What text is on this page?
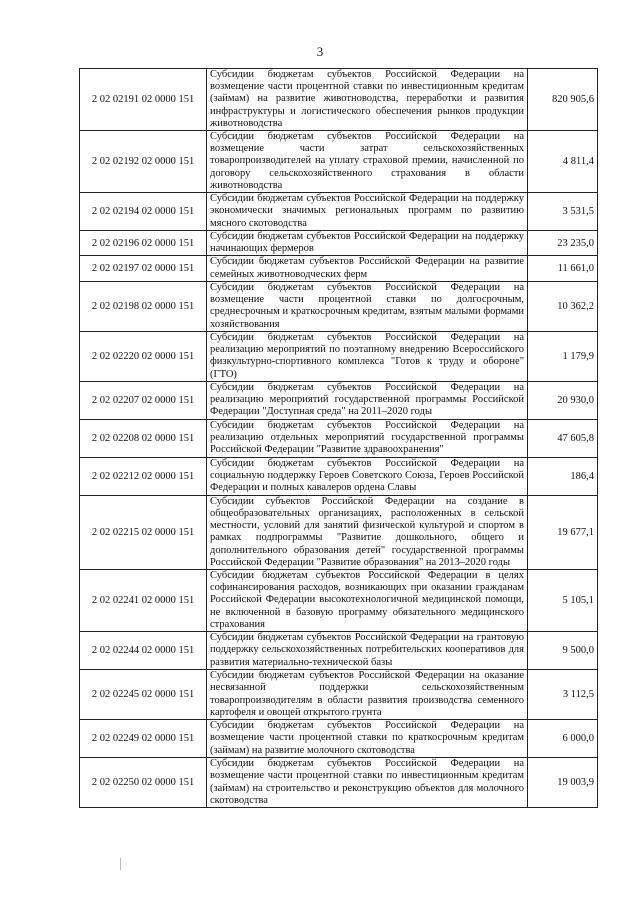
3
2 02 02191 02 0000 151	Субсидии бюджетам субъектов Российской Федерации на возмещение части процентной ставки по инвестиционным кредитам (займам) на развитие животноводства, переработки и развития инфраструктуры и логистического обеспечения рынков продукции животноводства	820 905,6
2 02 02192 02 0000 151	Субсидии бюджетам субъектов Российской Федерации на возмещение части затрат сельскохозяйственных товаропроизводителей на уплату страховой премии, начисленной по договору сельскохозяйственного страхования в области животноводства	4 811,4
2 02 02194 02 0000 151	Субсидии бюджетам субъектов Российской Федерации на поддержку экономически значимых региональных программ по развитию мясного скотоводства	3 531,5
2 02 02196 02 0000 151	Субсидии бюджетам субъектов Российской Федерации на поддержку начинающих фермеров	23 235,0
2 02 02197 02 0000 151	Субсидии бюджетам субъектов Российской Федерации на развитие семейных животноводческих ферм	11 661,0
2 02 02198 02 0000 151	Субсидии бюджетам субъектов Российской Федерации на возмещение части процентной ставки по долгосрочным, среднесрочным и краткосрочным кредитам, взятым малыми формами хозяйствования	10 362,2
2 02 02220 02 0000 151	Субсидии бюджетам субъектов Российской Федерации на реализацию мероприятий по поэтапному внедрению Всероссийского физкультурно-спортивного комплекса "Готов к труду и обороне" (ГТО)	1 179,9
2 02 02207 02 0000 151	Субсидии бюджетам субъектов Российской Федерации на реализацию мероприятий государственной программы Российской Федерации "Доступная среда" на 2011–2020 годы	20 930,0
2 02 02208 02 0000 151	Субсидии бюджетам субъектов Российской Федерации на реализацию отдельных мероприятий государственной программы Российской Федерации "Развитие здравоохранения"	47 605,8
2 02 02212 02 0000 151	Субсидии бюджетам субъектов Российской Федерации на социальную поддержку Героев Советского Союза, Героев Российской Федерации и полных кавалеров ордена Славы	186,4
2 02 02215 02 0000 151	Субсидии субъектов Российской Федерации на создание в общеобразовательных организациях, расположенных в сельской местности, условий для занятий физической культурой и спортом в рамках подпрограммы "Развитие дошкольного, общего и дополнительного образования детей" государственной программы Российской Федерации "Развитие образования" на 2013–2020 годы	19 677,1
2 02 02241 02 0000 151	Субсидии бюджетам субъектов Российской Федерации в целях софинансирования расходов, возникающих при оказании гражданам Российской Федерации высокотехнологичной медицинской помощи, не включенной в базовую программу обязательного медицинского страхования	5 105,1
2 02 02244 02 0000 151	Субсидии бюджетам субъектов Российской Федерации на грантовую поддержку сельскохозяйственных потребительских кооперативов для развития материально-технической базы	9 500,0
2 02 02245 02 0000 151	Субсидии бюджетам субъектов Российской Федерации на оказание несвязанной поддержки сельскохозяйственным товаропроизводителям в области развития производства семенного картофеля и овощей открытого грунта	3 112,5
2 02 02249 02 0000 151	Субсидии бюджетам субъектов Российской Федерации на возмещение части процентной ставки по краткосрочным кредитам (займам) на развитие молочного скотоводства	6 000,0
2 02 02250 02 0000 151	Субсидии бюджетам субъектов Российской Федерации на возмещение части процентной ставки по инвестиционным кредитам (займам) на строительство и реконструкцию объектов для молочного скотоводства	19 003,9
